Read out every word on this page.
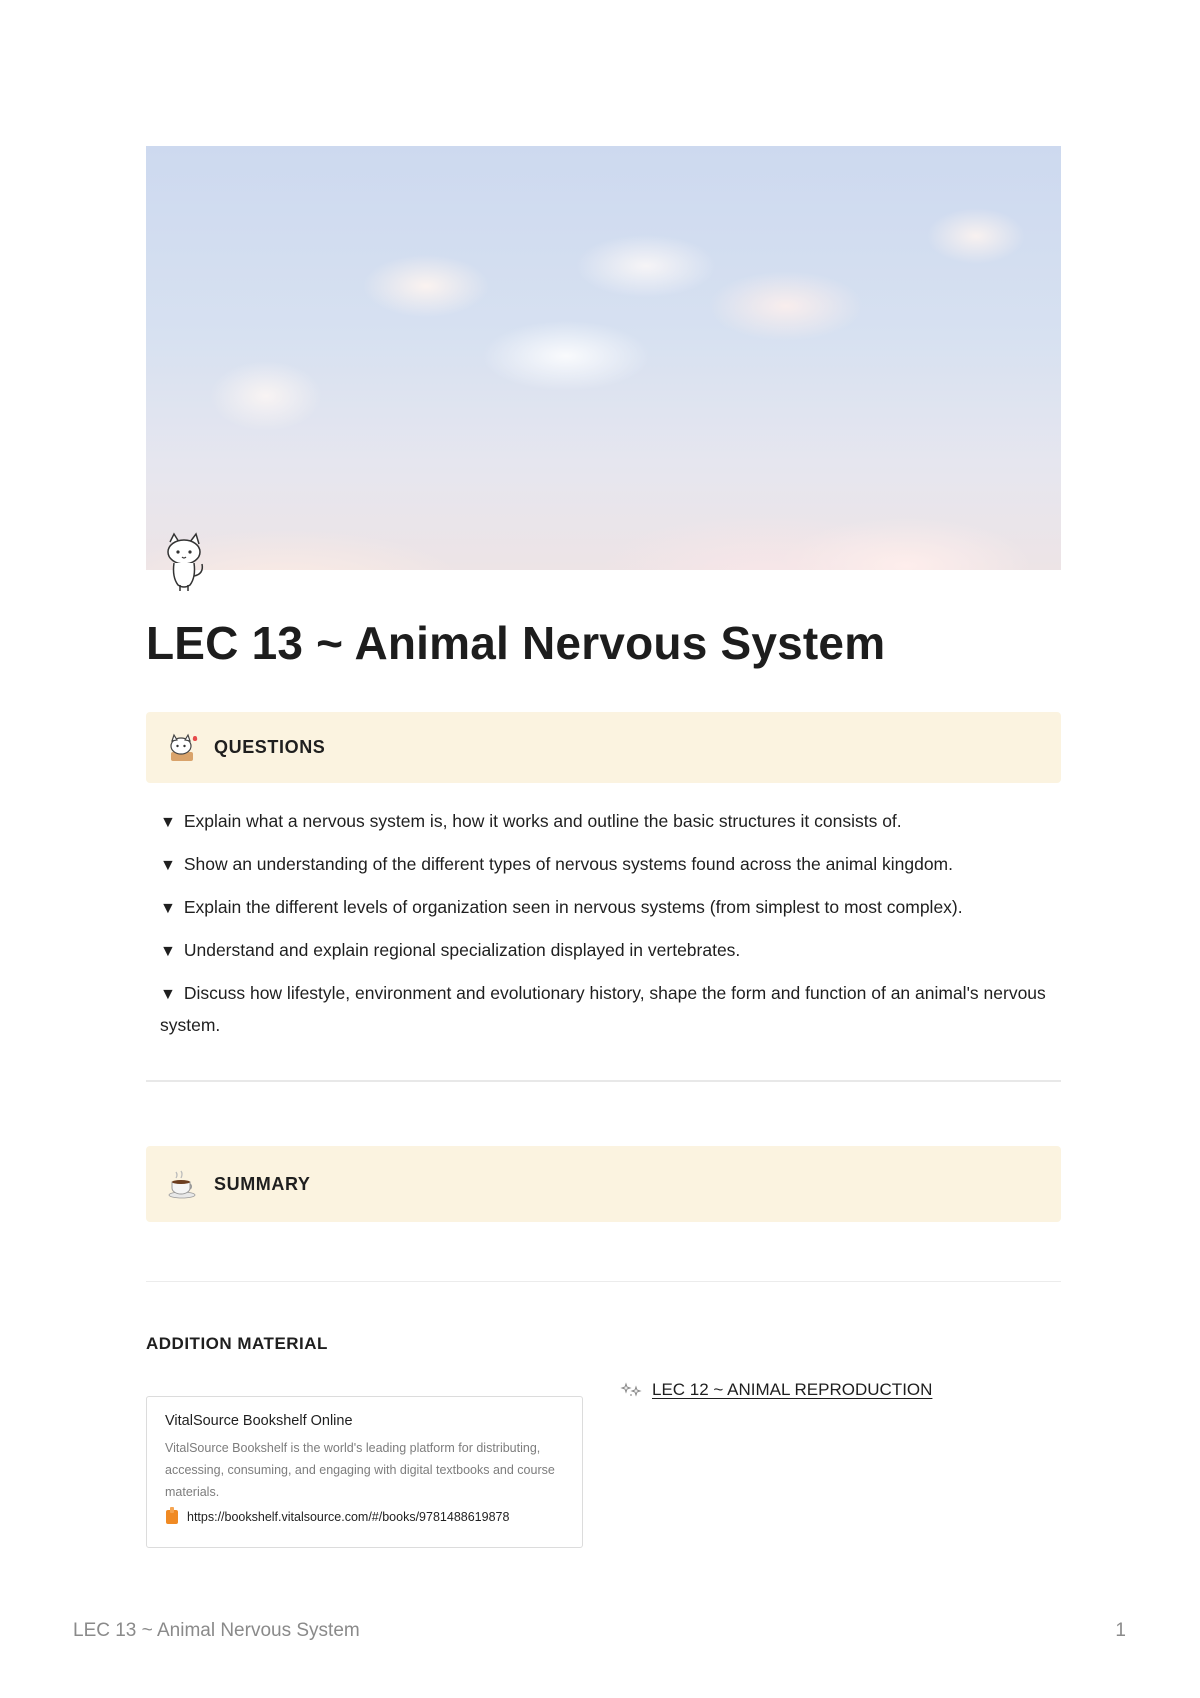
LEC 13 ~ Animal Nervous System
QUESTIONS
▼ Explain what a nervous system is, how it works and outline the basic structures it consists of.
▼ Show an understanding of the different types of nervous systems found across the animal kingdom.
▼ Explain the different levels of organization seen in nervous systems (from simplest to most complex).
▼ Understand and explain regional specialization displayed in vertebrates.
▼ Discuss how lifestyle, environment and evolutionary history, shape the form and function of an animal's nervous system.
SUMMARY
ADDITION MATERIAL
VitalSource Bookshelf Online
VitalSource Bookshelf is the world's leading platform for distributing, accessing, consuming, and engaging with digital textbooks and course materials.
https://bookshelf.vitalsource.com/#/books/9781488619878
LEC 12 ~ ANIMAL REPRODUCTION
LEC 13 ~ Animal Nervous System	1
